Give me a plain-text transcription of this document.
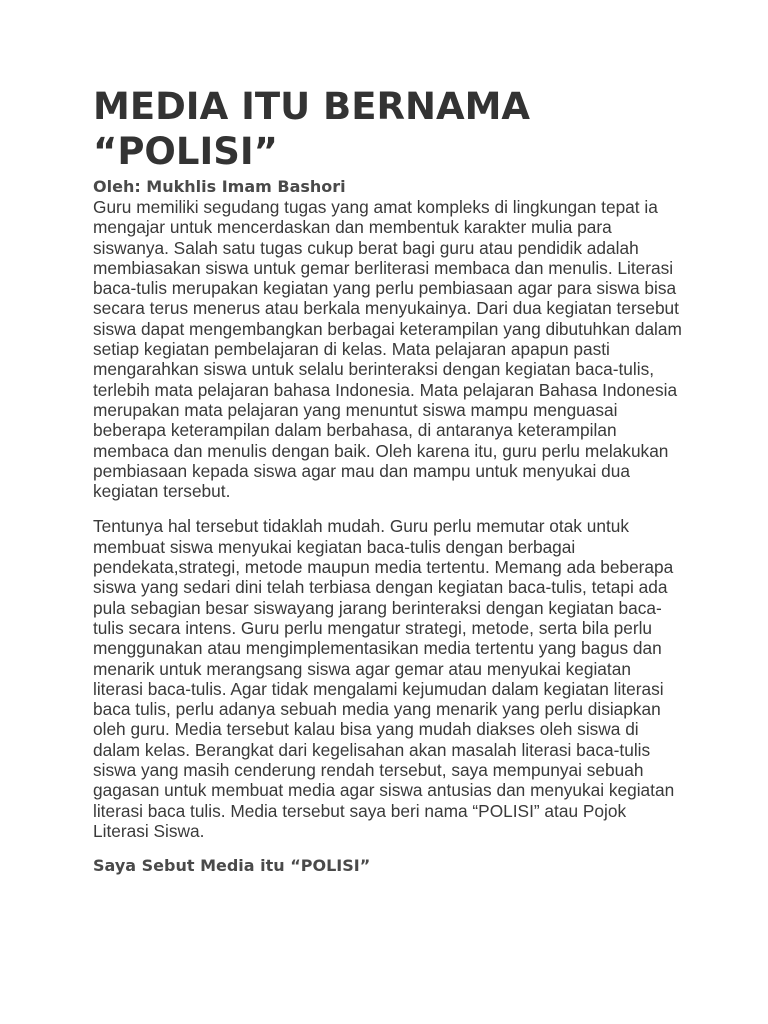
MEDIA ITU BERNAMA “POLISI”
Oleh: Mukhlis Imam Bashori

Guru memiliki segudang tugas yang amat kompleks di lingkungan tepat ia mengajar untuk mencerdaskan dan membentuk karakter mulia para siswanya. Salah satu tugas cukup berat bagi guru atau pendidik adalah membiasakan siswa untuk gemar berliterasi membaca dan menulis. Literasi baca-tulis merupakan kegiatan yang perlu pembiasaan agar para siswa bisa secara terus menerus atau berkala menyukainya. Dari dua kegiatan tersebut siswa dapat mengembangkan berbagai keterampilan yang dibutuhkan dalam setiap kegiatan pembelajaran di kelas. Mata pelajaran apapun pasti mengarahkan siswa untuk selalu berinteraksi dengan kegiatan baca-tulis, terlebih mata pelajaran bahasa Indonesia. Mata pelajaran Bahasa Indonesia merupakan mata pelajaran yang menuntut siswa mampu menguasai beberapa keterampilan dalam berbahasa, di antaranya keterampilan membaca dan menulis dengan baik. Oleh karena itu, guru perlu melakukan pembiasaan kepada siswa agar mau dan mampu untuk menyukai dua kegiatan tersebut.

Tentunya hal tersebut tidaklah mudah. Guru perlu memutar otak untuk membuat siswa menyukai kegiatan baca-tulis dengan berbagai pendekata,strategi, metode maupun media tertentu. Memang ada beberapa siswa yang sedari dini telah terbiasa dengan kegiatan baca-tulis, tetapi ada pula sebagian besar siswayang jarang berinteraksi dengan kegiatan baca-tulis secara intens. Guru perlu mengatur strategi, metode, serta bila perlu menggunakan atau mengimplementasikan media tertentu yang bagus dan menarik untuk merangsang siswa agar gemar atau menyukai kegiatan literasi baca-tulis. Agar tidak mengalami kejumudan dalam kegiatan literasi baca tulis, perlu adanya sebuah media yang menarik yang perlu disiapkan oleh guru. Media tersebut kalau bisa yang mudah diakses oleh siswa di dalam kelas. Berangkat dari kegelisahan akan masalah literasi baca-tulis siswa yang masih cenderung rendah tersebut, saya mempunyai sebuah gagasan untuk membuat media agar siswa antusias dan menyukai kegiatan literasi baca tulis. Media tersebut saya beri nama “POLISI” atau Pojok Literasi Siswa.

Saya Sebut Media itu “POLISI”
